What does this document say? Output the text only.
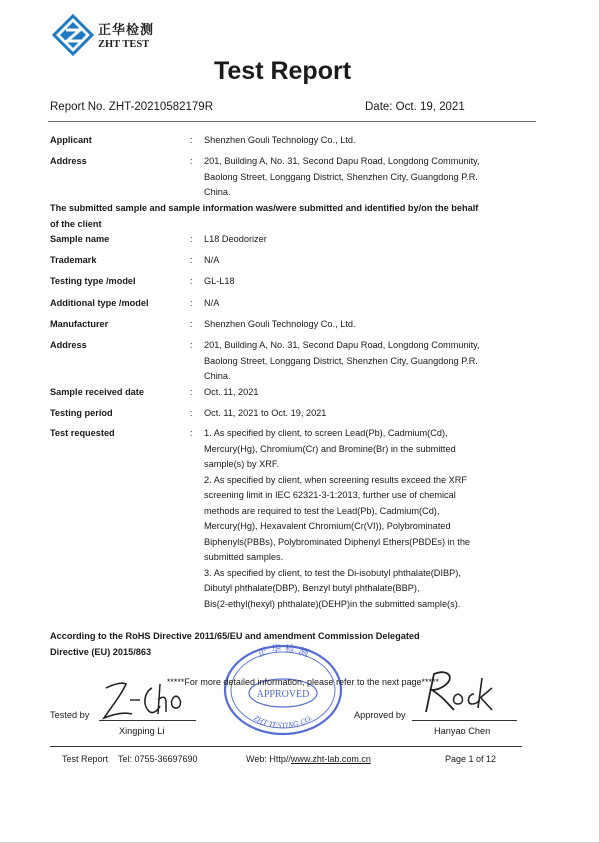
正华检测
ZHT TEST
Test Report
Report No. ZHT-20210582179R	Date: Oct. 19, 2021
Applicant	: Shenzhen Gouli Technology Co., Ltd.
Address	: 201, Building A, No. 31, Second Dapu Road, Longdong Community,
Baolong Street, Longgang District, Shenzhen City, Guangdong P.R.
China.
The submitted sample and sample information was/were submitted and identified by/on the behalf
of the client
Sample name	: L18 Deodorizer
Trademark	: N/A
Testing type /model	: GL-L18
Additional type /model	: N/A
Manufacturer	: Shenzhen Gouli Technology Co., Ltd.
Address	: 201, Building A, No. 31, Second Dapu Road, Longdong Community,
Baolong Street, Longgang District, Shenzhen City, Guangdong P.R.
China.
Sample received date	: Oct. 11, 2021
Testing period	: Oct. 11, 2021 to Oct. 19, 2021
Test requested	: 1. As specified by client, to screen Lead(Pb), Cadmium(Cd),
Mercury(Hg), Chromium(Cr) and Bromine(Br) in the submitted
sample(s) by XRF.
2. As specified by client, when screening results exceed the XRF
screening limit in IEC 62321-3-1:2013, further use of chemical
methods are required to test the Lead(Pb), Cadmium(Cd),
Mercury(Hg), Hexavalent Chromium(Cr(VI)), Polybrominated
Biphenyls(PBBs), Polybrominated Diphenyl Ethers(PBDEs) in the
submitted samples.
3. As specified by client, to test the Di-isobutyl phthalate(DIBP),
Dibutyl phthalate(DBP), Benzyl butyl phthalate(BBP),
Bis(2-ethyl(hexyl) phthalate)(DEHP)in the submitted sample(s).
According to the RoHS Directive 2011/65/EU and amendment Commission Delegated
Directive (EU) 2015/863	正 华 检 测
APPROVED
ZHT TESTING CO.
*****For more detailed information, please refer to the next page*****
Tested by
Xingping Li
Approved by
Hanyao Chen
Test Report Tel: 0755-36697690	Web: Http//www.zht-lab.com.cn	Page 1 of 12
